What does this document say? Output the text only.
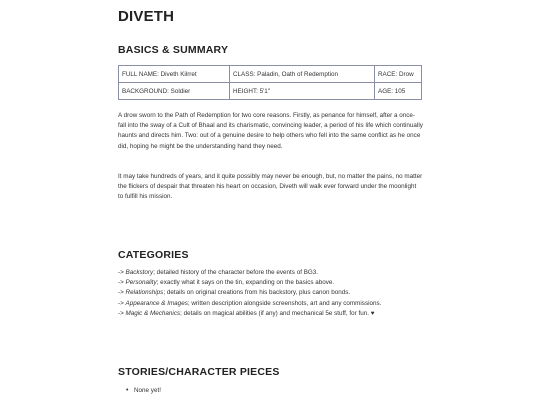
DIVETH
BASICS & SUMMARY
FULL NAME: Diveth Kilrret	CLASS: Paladin, Oath of Redemption	RACE: Drow
BACKGROUND: Soldier	HEIGHT: 5'1"	AGE: 105

A drow sworn to the Path of Redemption for two core reasons. Firstly, as penance for himself, after a once-fall into the sway of a Cult of Bhaal and its charismatic, convincing leader, a period of his life which continually haunts and directs him. Two: out of a genuine desire to help others who fell into the same conflict as he once did, hoping he might be the understanding hand they need.

It may take hundreds of years, and it quite possibly may never be enough, but, no matter the pains, no matter the flickers of despair that threaten his heart on occasion, Diveth will walk ever forward under the moonlight to fulfill his mission.

CATEGORIES
-> Backstory; detailed history of the character before the events of BG3.
-> Personality; exactly what it says on the tin, expanding on the basics above.
-> Relationships; details on original creations from his backstory, plus canon bonds.
-> Appearance & Images; written description alongside screenshots, art and any commissions.
-> Magic & Mechanics; details on magical abilities (if any) and mechanical 5e stuff, for fun. ♥
STORIES/CHARACTER PIECES
• None yet!
